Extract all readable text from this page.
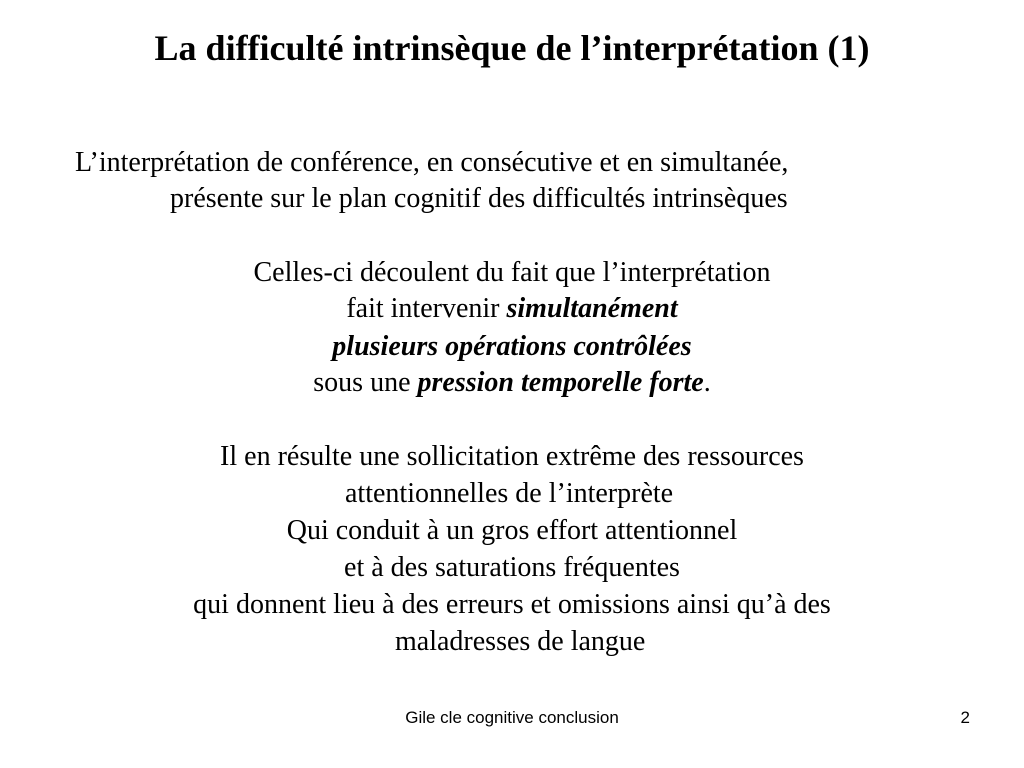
La difficulté intrinsèque de l’interprétation (1)
L’interprétation de conférence, en consécutive et en simultanée,
présente sur le plan cognitif des difficultés intrinsèques
Celles-ci découlent du fait que l’interprétation
fait intervenir simultanément
plusieurs opérations contrôlées
sous une pression temporelle forte.
Il en résulte une sollicitation extrême des ressources
attentionnelles de l’interprète
Qui conduit à un gros effort attentionnel
et à des saturations fréquentes
qui donnent lieu à des erreurs et omissions ainsi qu’à des
maladresses de langue
Gile cle cognitive conclusion	2
